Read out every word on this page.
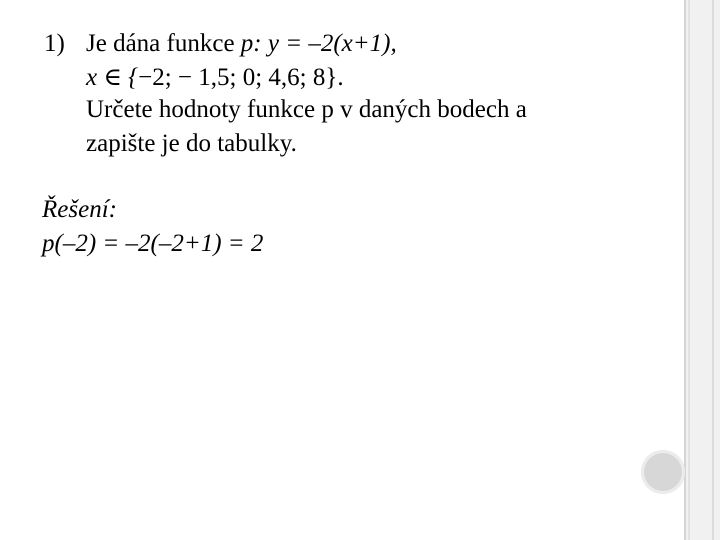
1) Je dána funkce p: y = –2(x+1),
x ∈ {−2; − 1,5; 0; 4,6; 8}.
Určete hodnoty funkce p v daných bodech a
zapište je do tabulky.
Řešení:
p(–2) = –2(–2+1) = 2
